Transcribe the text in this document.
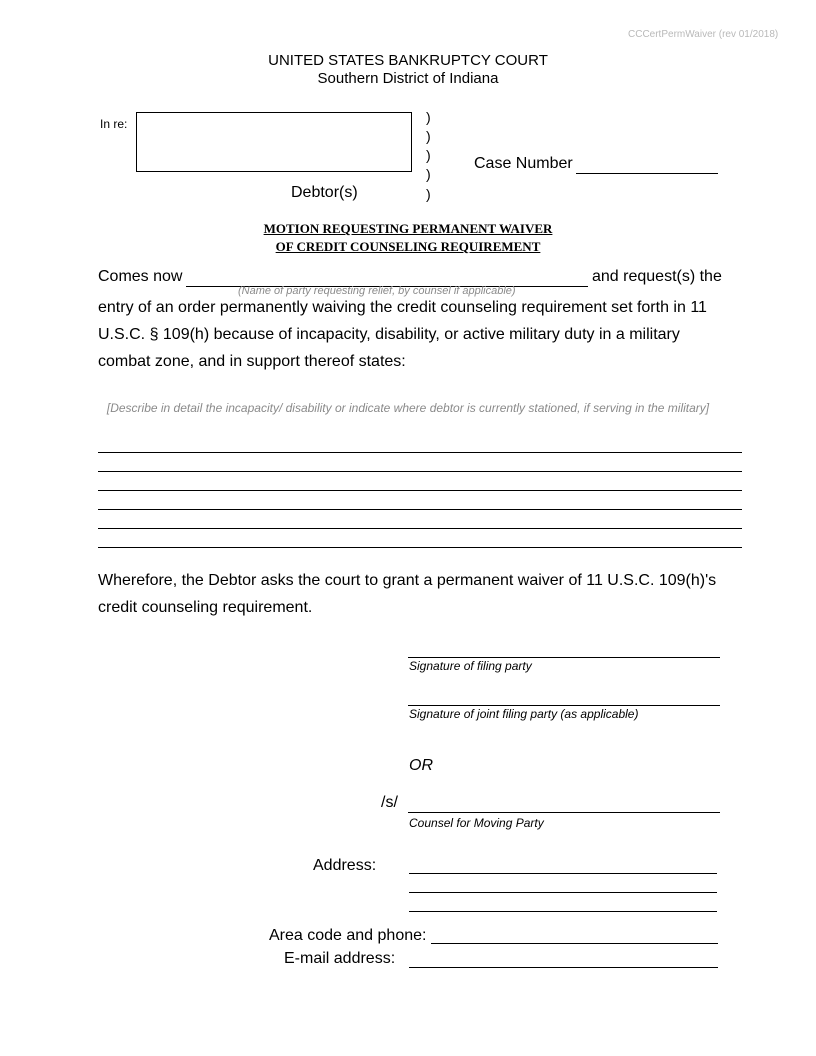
CCCertPermWaiver (rev 01/2018)
UNITED STATES BANKRUPTCY COURT
Southern District of Indiana
In re:	)
)
)
)
)
Case Number
Debtor(s)
MOTION REQUESTING PERMANENT WAIVER
OF CREDIT COUNSELING REQUIREMENT
Comes now
(Name of party requesting relief, by counsel if applicable)
and request(s) the
entry of an order permanently waiving the credit counseling requirement set forth in 11
U.S.C. § 109(h) because of incapacity, disability, or active military duty in a military
combat zone, and in support thereof states:
[Describe in detail the incapacity/ disability or indicate where debtor is currently stationed, if serving in the military]
Wherefore, the Debtor asks the court to grant a permanent waiver of 11 U.S.C. 109(h)'s
credit counseling requirement.
Signature of filing party
Signature of joint filing party (as applicable)
OR
/s/
Counsel for Moving Party
Address:
Area code and phone:
E-mail address:
